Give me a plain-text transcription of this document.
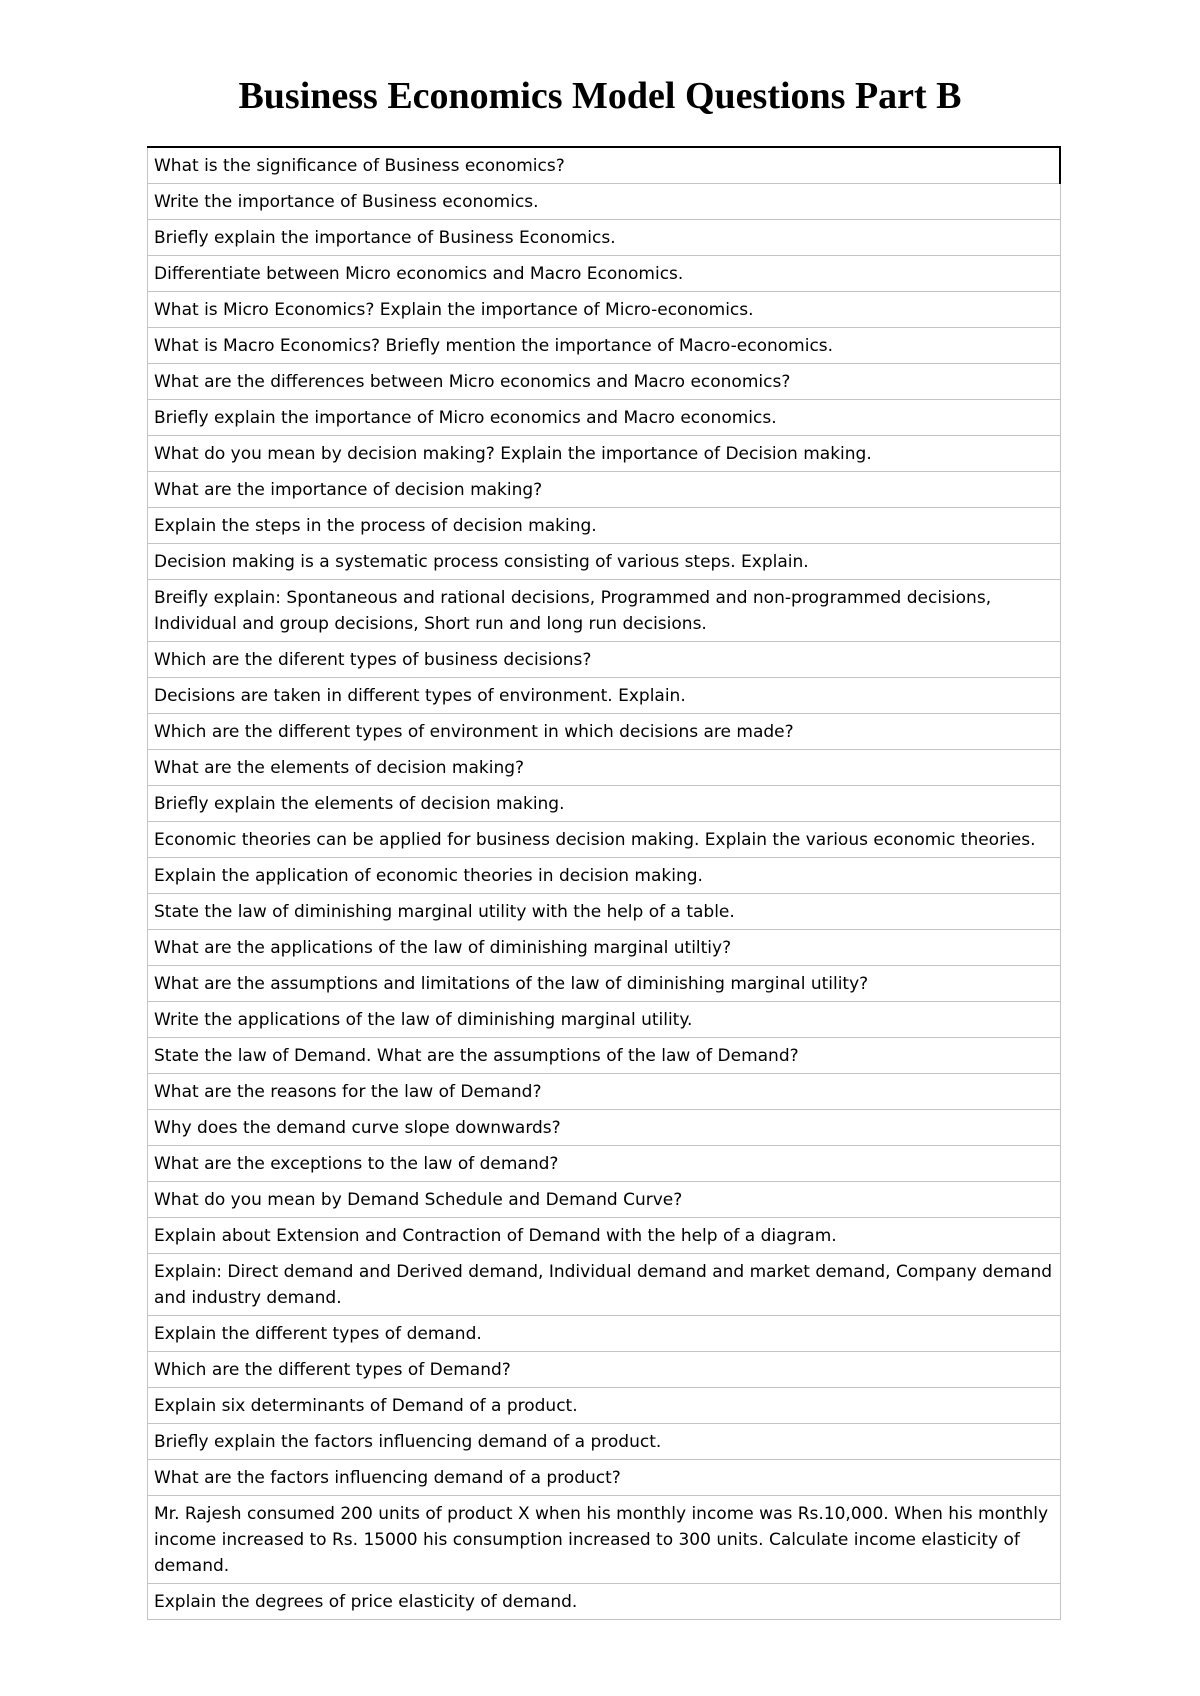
Business Economics Model Questions Part B
What is the significance of Business economics?
Write the importance of Business economics.
Briefly explain the importance of Business Economics.
Differentiate between Micro economics and Macro Economics.
What is Micro Economics? Explain the importance of Micro-economics.
What is Macro Economics? Briefly mention the importance of Macro-economics.
What are the differences between Micro economics and Macro economics?
Briefly explain the importance of Micro economics and Macro economics.
What do you mean by decision making? Explain the importance of Decision making.
What are the importance of decision making?
Explain the steps in the process of decision making.
Decision making is a systematic process consisting of various steps. Explain.
Breifly explain: Spontaneous and rational decisions, Programmed and non-programmed decisions, Individual and group decisions, Short run and long run decisions.
Which are the diferent types of business decisions?
Decisions are taken in different types of environment. Explain.
Which are the different types of environment in which decisions are made?
What are the elements of decision making?
Briefly explain the elements of decision making.
Economic theories can be applied for business decision making. Explain the various economic theories.
Explain the application of economic theories in decision making.
State the law of diminishing marginal utility with the help of a table.
What are the applications of the law of diminishing marginal utiltiy?
What are the assumptions and limitations of the law of diminishing marginal utility?
Write the applications of the law of diminishing marginal utility.
State the law of Demand. What are the assumptions of the law of Demand?
What are the reasons for the law of Demand?
Why does the demand curve slope downwards?
What are the exceptions to the law of demand?
What do you mean by Demand Schedule and Demand Curve?
Explain about Extension and Contraction of Demand with the help of a diagram.
Explain: Direct demand and Derived demand, Individual demand and market demand, Company demand and industry demand.
Explain the different types of demand.
Which are the different types of Demand?
Explain six determinants of Demand of a product.
Briefly explain the factors influencing demand of a product.
What are the factors influencing demand of a product?
Mr. Rajesh consumed 200 units of product X when his monthly income was Rs.10,000. When his monthly income increased to Rs. 15000 his consumption increased to 300 units. Calculate income elasticity of demand.
Explain the degrees of price elasticity of demand.
